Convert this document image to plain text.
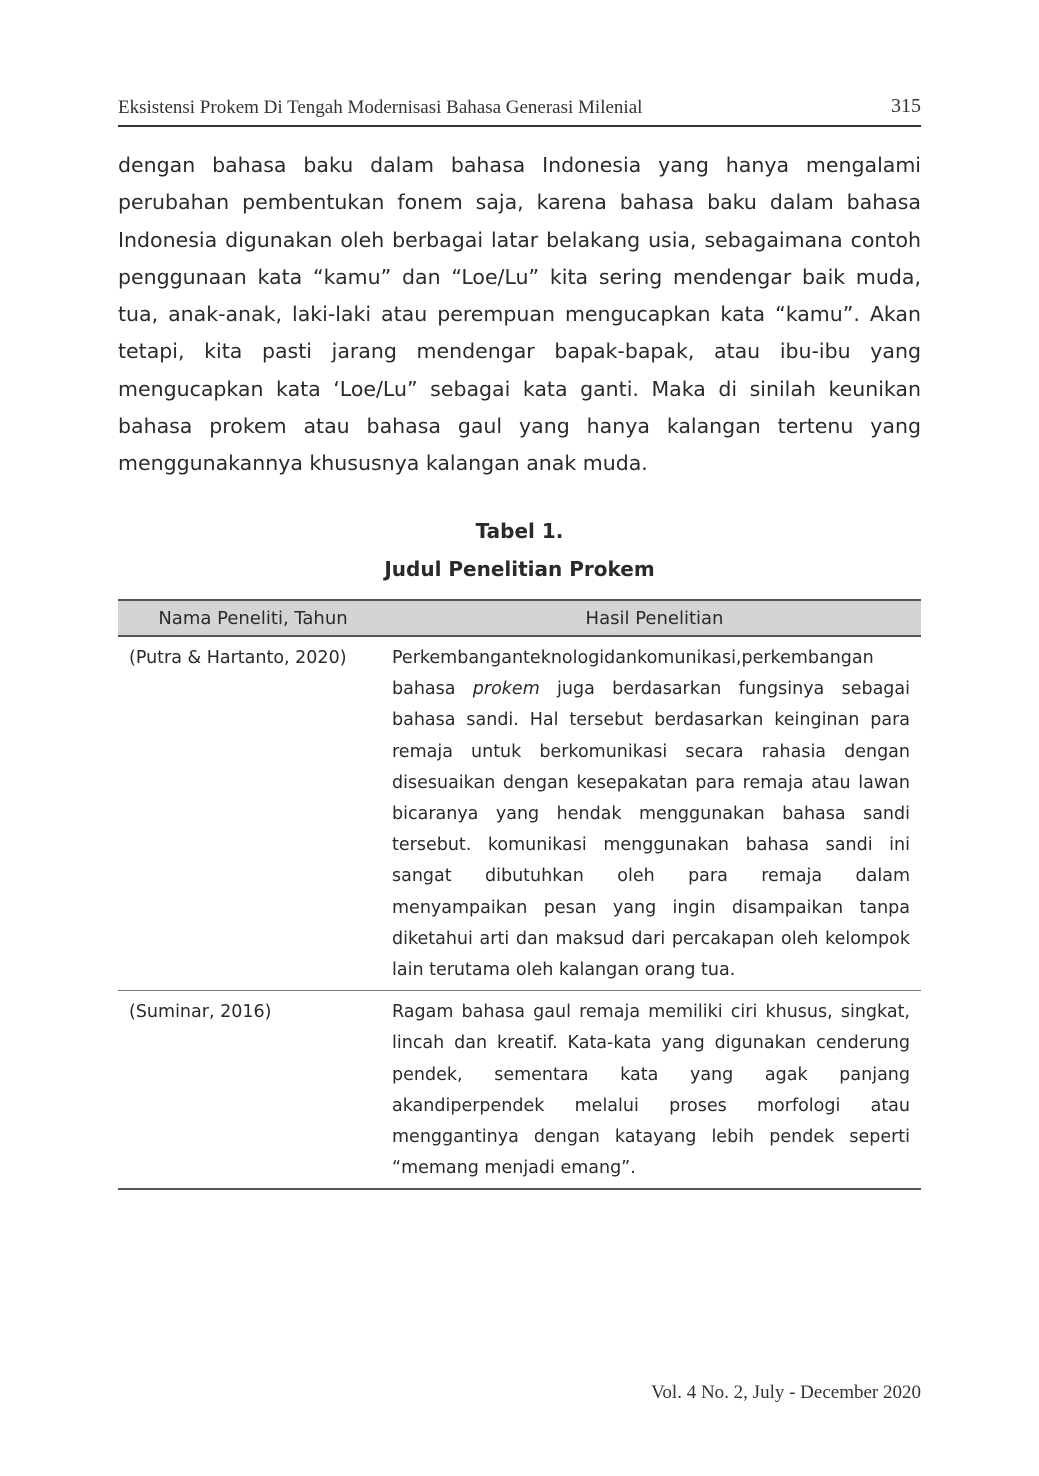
Eksistensi Prokem Di Tengah Modernisasi Bahasa Generasi Milenial	315

dengan bahasa baku dalam bahasa Indonesia yang hanya mengalami perubahan pembentukan fonem saja, karena bahasa baku dalam bahasa Indonesia digunakan oleh berbagai latar belakang usia, sebagaimana contoh penggunaan kata “kamu” dan “Loe/Lu” kita sering mendengar baik muda, tua, anak-anak, laki-laki atau perempuan mengucapkan kata “kamu”. Akan tetapi, kita pasti jarang mendengar bapak-bapak, atau ibu-ibu yang mengucapkan kata ‘Loe/Lu” sebagai kata ganti. Maka di sinilah keunikan bahasa prokem atau bahasa gaul yang hanya kalangan tertenu yang menggunakannya khususnya kalangan anak muda.

Tabel 1.
Judul Penelitian Prokem
Nama Peneliti, Tahun	Hasil Penelitian
(Putra & Hartanto, 2020)	Perkembanganteknologidankomunikasi,perkembangan bahasa prokem juga berdasarkan fungsinya sebagai bahasa sandi. Hal tersebut berdasarkan keinginan para remaja untuk berkomunikasi secara rahasia dengan disesuaikan dengan kesepakatan para remaja atau lawan bicaranya yang hendak menggunakan bahasa sandi tersebut. komunikasi menggunakan bahasa sandi ini sangat dibutuhkan oleh para remaja dalam menyampaikan pesan yang ingin disampaikan tanpa diketahui arti dan maksud dari percakapan oleh kelompok lain terutama oleh kalangan orang tua.
(Suminar, 2016)	Ragam bahasa gaul remaja memiliki ciri khusus, singkat, lincah dan kreatif. Kata-kata yang digunakan cenderung pendek, sementara kata yang agak panjang akandiperpendek melalui proses morfologi atau menggantinya dengan katayang lebih pendek seperti “memang menjadi emang”.
Vol. 4 No. 2, July - December 2020
